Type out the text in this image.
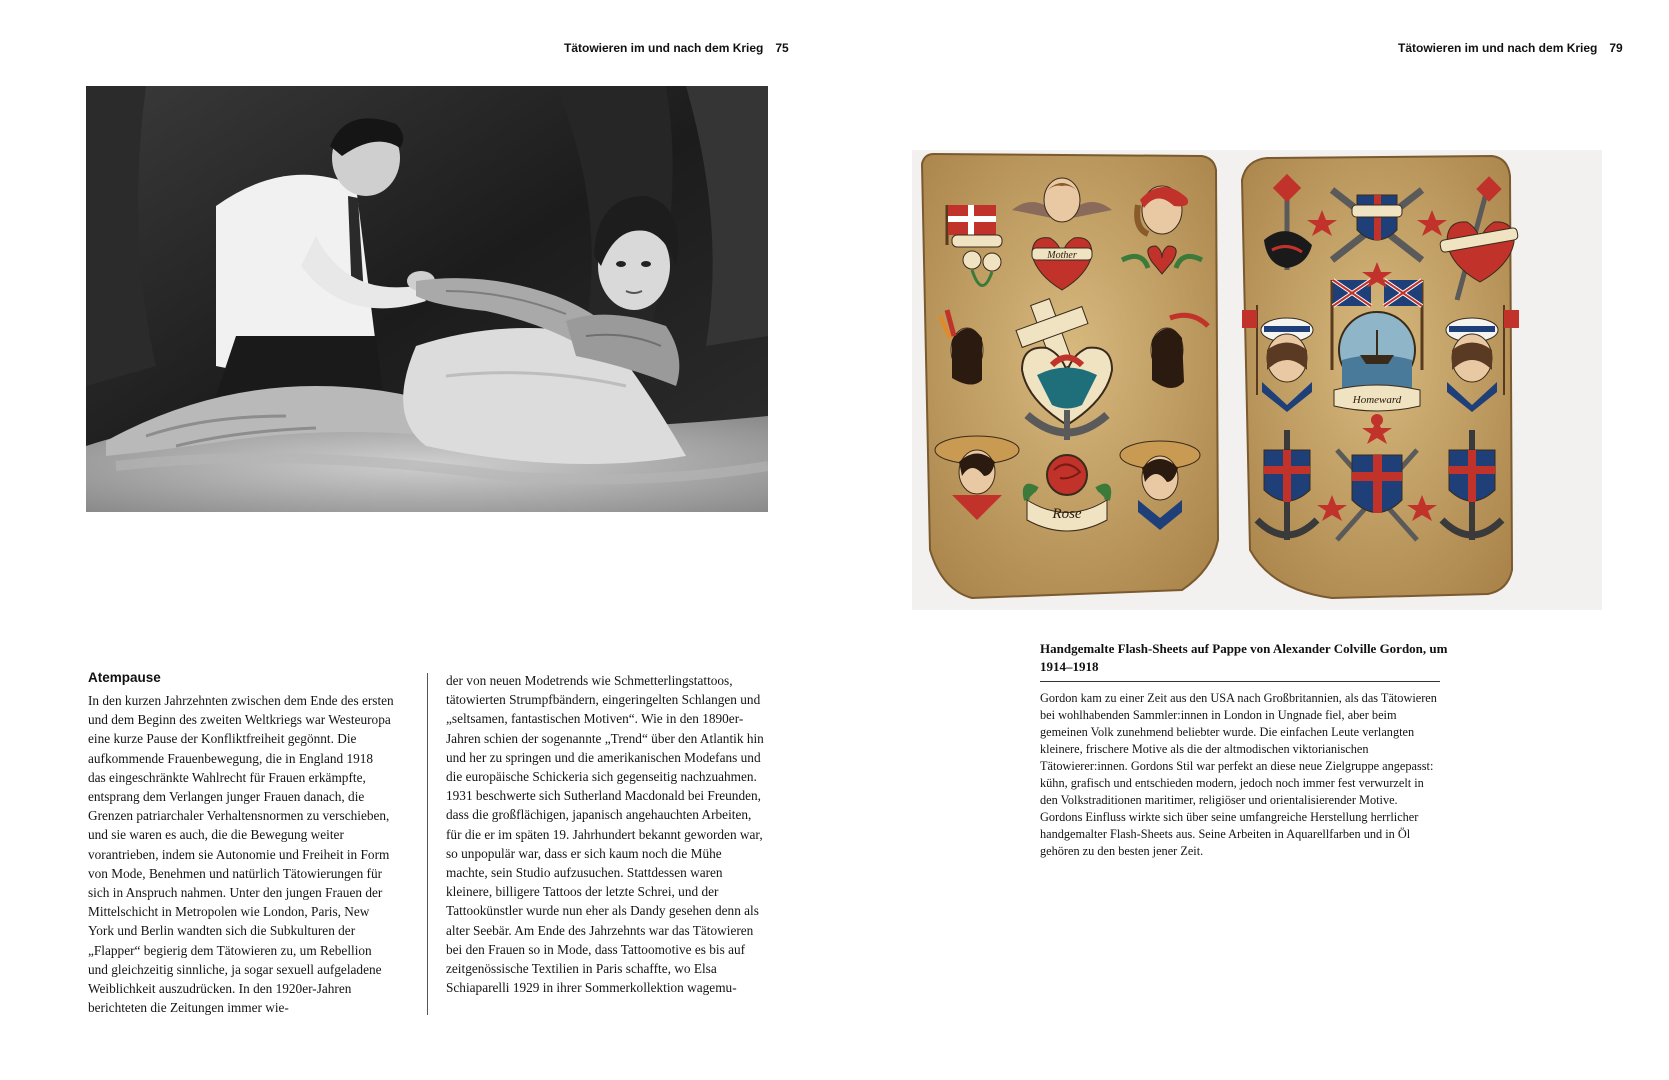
Tätowieren im und nach dem Krieg 75	Tätowieren im und nach dem Krieg 79
Mother
Rose
Homeward
Atempause

In den kurzen Jahrzehnten zwischen dem Ende des ersten und dem Beginn des zweiten Weltkriegs war Westeuropa eine kurze Pause der Konfliktfreiheit gegönnt. Die aufkommende Frauenbewegung, die in England 1918 das eingeschränkte Wahlrecht für Frauen erkämpfte, entsprang dem Verlangen junger Frauen danach, die Grenzen patriarchaler Verhaltensnormen zu verschieben, und sie waren es auch, die die Bewegung weiter vorantrieben, indem sie Autonomie und Freiheit in Form von Mode, Benehmen und natürlich Tätowierungen für sich in Anspruch nahmen. Unter den jungen Frauen der Mittelschicht in Metropolen wie London, Paris, New York und Berlin wandten sich die Subkulturen der „Flapper“ begierig dem Tätowieren zu, um Rebellion und gleichzeitig sinnliche, ja sogar sexuell aufgeladene Weiblichkeit auszudrücken. In den 1920er-Jahren berichteten die Zeitungen immer wie-

der von neuen Modetrends wie Schmetterlingstattoos, tätowierten Strumpfbändern, eingeringelten Schlangen und „seltsamen, fantastischen Motiven“. Wie in den 1890er-Jahren schien der sogenannte „Trend“ über den Atlantik hin und her zu springen und die amerikanischen Modefans und die europäische Schickeria sich gegenseitig nachzuahmen. 1931 beschwerte sich Sutherland Macdonald bei Freunden, dass die großflächigen, japanisch angehauchten Arbeiten, für die er im späten 19. Jahrhundert bekannt geworden war, so unpopulär war, dass er sich kaum noch die Mühe machte, sein Studio aufzusuchen. Stattdessen waren kleinere, billigere Tattoos der letzte Schrei, und der Tattookünstler wurde nun eher als Dandy gesehen denn als alter Seebär. Am Ende des Jahrzehnts war das Tätowieren bei den Frauen so in Mode, dass Tattoomotive es bis auf zeitgenössische Textilien in Paris schaffte, wo Elsa Schiaparelli 1929 in ihrer Sommerkollektion wagemu-

Handgemalte Flash-Sheets auf Pappe von Alexander Colville Gordon, um 1914–1918

Gordon kam zu einer Zeit aus den USA nach Großbritannien, als das Tätowieren bei wohlhabenden Sammler:innen in London in Ungnade fiel, aber beim gemeinen Volk zunehmend beliebter wurde. Die einfachen Leute verlangten kleinere, frischere Motive als die der altmodischen viktorianischen Tätowierer:innen. Gordons Stil war perfekt an diese neue Zielgruppe angepasst: kühn, grafisch und entschieden modern, jedoch noch immer fest verwurzelt in den Volkstraditionen maritimer, religiöser und orientalisierender Motive. Gordons Einfluss wirkte sich über seine umfangreiche Herstellung herrlicher handgemalter Flash-Sheets aus. Seine Arbeiten in Aquarellfarben und in Öl gehören zu den besten jener Zeit.
